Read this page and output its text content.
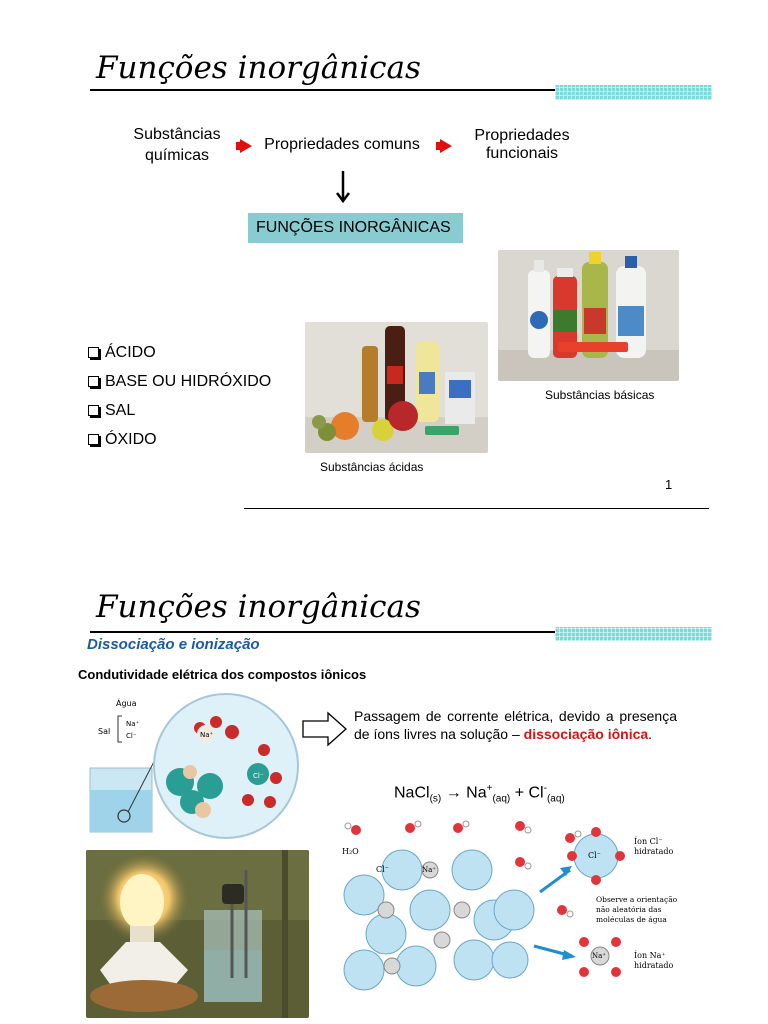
Funções inorgânicas
Substâncias
químicas
Propriedades comuns
Propriedades
funcionais
FUNÇÕES INORGÂNICAS
ÁCIDO
BASE OU HIDRÓXIDO
SAL
ÓXIDO
Substâncias básicas
Substâncias ácidas
1
Funções inorgânicas
Dissociação e ionização
Condutividade elétrica dos compostos iônicos
Na⁺
Cl⁻
Água
Sal
Na⁺
Cl⁻
Passagem de corrente elétrica, devido a presença de íons livres na solução – dissociação iônica.
NaCl$_{(s)}$ → $Na^+_{(aq)} + Cl^-_{(aq)}$
H₂O
Cl⁻	Na⁺
Cl⁻
Na⁺
Íon Cl⁻
hidratado
Observe a orientação
não aleatória das
moléculas de água
Íon Na⁺
hidratado
